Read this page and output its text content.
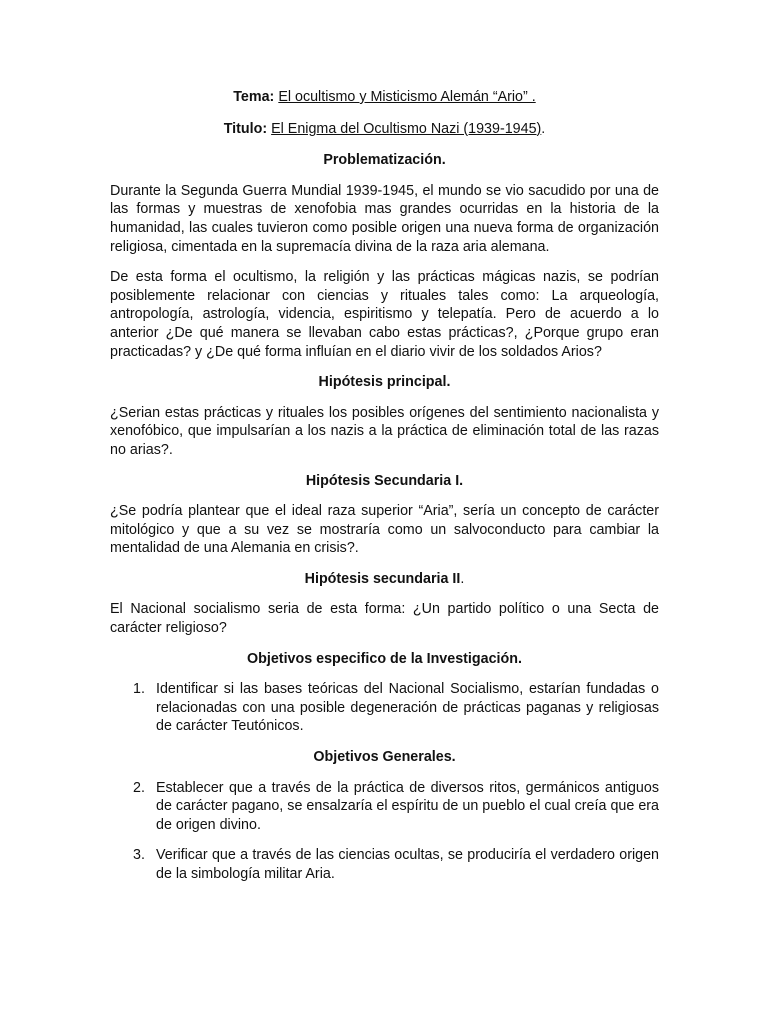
Tema: El ocultismo y Misticismo Alemán “Ario” .

Titulo: El Enigma del Ocultismo Nazi (1939-1945).

Problematización.

Durante la Segunda Guerra Mundial 1939-1945, el mundo se vio sacudido por una de las formas y muestras de xenofobia mas grandes ocurridas en la historia de la humanidad, las cuales tuvieron como posible origen una nueva forma de organización religiosa, cimentada en la supremacía divina de la raza aria alemana.

De esta forma el ocultismo, la religión y las prácticas mágicas nazis, se podrían posiblemente relacionar con ciencias y rituales tales como: La arqueología, antropología, astrología, videncia, espiritismo y telepatía. Pero de acuerdo a lo anterior ¿De qué manera se llevaban cabo estas prácticas?, ¿Porque grupo eran practicadas? y ¿De qué forma influían en el diario vivir de los soldados Arios?

Hipótesis principal.

¿Serian estas prácticas y rituales los posibles orígenes del sentimiento nacionalista y xenofóbico, que impulsarían a los nazis a la práctica de eliminación total de las razas no arias?.

Hipótesis Secundaria I.

¿Se podría plantear que el ideal raza superior “Aria”, sería un concepto de carácter mitológico y que a su vez se mostraría como un salvoconducto para cambiar la mentalidad de una Alemania en crisis?.

Hipótesis secundaria II.

El Nacional socialismo seria de esta forma: ¿Un partido político o una Secta de carácter religioso?

Objetivos especifico de la Investigación.

1. Identificar si las bases teóricas del Nacional Socialismo, estarían fundadas o relacionadas con una posible degeneración de prácticas paganas y religiosas de carácter Teutónicos.

Objetivos Generales.

2. Establecer que a través de la práctica de diversos ritos, germánicos antiguos de carácter pagano, se ensalzaría el espíritu de un pueblo el cual creía que era de origen divino.
3. Verificar que a través de las ciencias ocultas, se produciría el verdadero origen de la simbología militar Aria.
